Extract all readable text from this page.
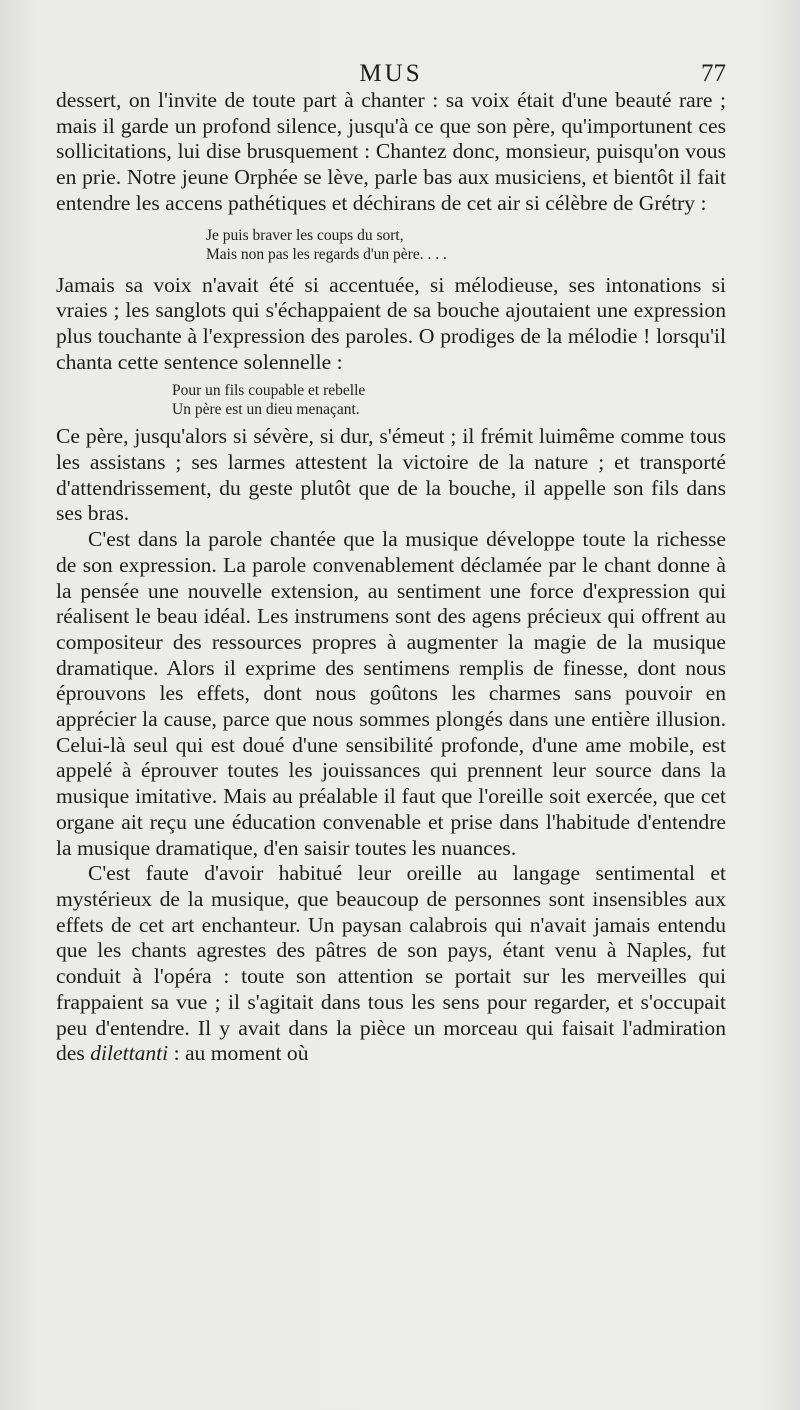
MUS	77

dessert, on l'invite de toute part à chanter : sa voix était d'une beauté rare ; mais il garde un profond silence, jusqu'à ce que son père, qu'importunent ces sollicitations, lui dise brusquement : Chantez donc, monsieur, puisqu'on vous en prie. Notre jeune Orphée se lève, parle bas aux musiciens, et bientôt il fait entendre les accens pathétiques et déchirans de cet air si célèbre de Grétry :

Je puis braver les coups du sort,
Mais non pas les regards d'un père. . . .

Jamais sa voix n'avait été si accentuée, si mélodieuse, ses intonations si vraies ; les sanglots qui s'échappaient de sa bouche ajoutaient une expression plus touchante à l'expression des paroles. O prodiges de la mélodie ! lorsqu'il chanta cette sentence solennelle :

Pour un fils coupable et rebelle
Un père est un dieu menaçant.

Ce père, jusqu'alors si sévère, si dur, s'émeut ; il frémit luimême comme tous les assistans ; ses larmes attestent la victoire de la nature ; et transporté d'attendrissement, du geste plutôt que de la bouche, il appelle son fils dans ses bras.

C'est dans la parole chantée que la musique développe toute la richesse de son expression. La parole convenablement déclamée par le chant donne à la pensée une nouvelle extension, au sentiment une force d'expression qui réalisent le beau idéal. Les instrumens sont des agens précieux qui offrent au compositeur des ressources propres à augmenter la magie de la musique dramatique. Alors il exprime des sentimens remplis de finesse, dont nous éprouvons les effets, dont nous goûtons les charmes sans pouvoir en apprécier la cause, parce que nous sommes plongés dans une entière illusion. Celui-là seul qui est doué d'une sensibilité profonde, d'une ame mobile, est appelé à éprouver toutes les jouissances qui prennent leur source dans la musique imitative. Mais au préalable il faut que l'oreille soit exercée, que cet organe ait reçu une éducation convenable et prise dans l'habitude d'entendre la musique dramatique, d'en saisir toutes les nuances.

C'est faute d'avoir habitué leur oreille au langage sentimental et mystérieux de la musique, que beaucoup de personnes sont insensibles aux effets de cet art enchanteur. Un paysan calabrois qui n'avait jamais entendu que les chants agrestes des pâtres de son pays, étant venu à Naples, fut conduit à l'opéra : toute son attention se portait sur les merveilles qui frappaient sa vue ; il s'agitait dans tous les sens pour regarder, et s'occupait peu d'entendre. Il y avait dans la pièce un morceau qui faisait l'admiration des dilettanti : au moment où
